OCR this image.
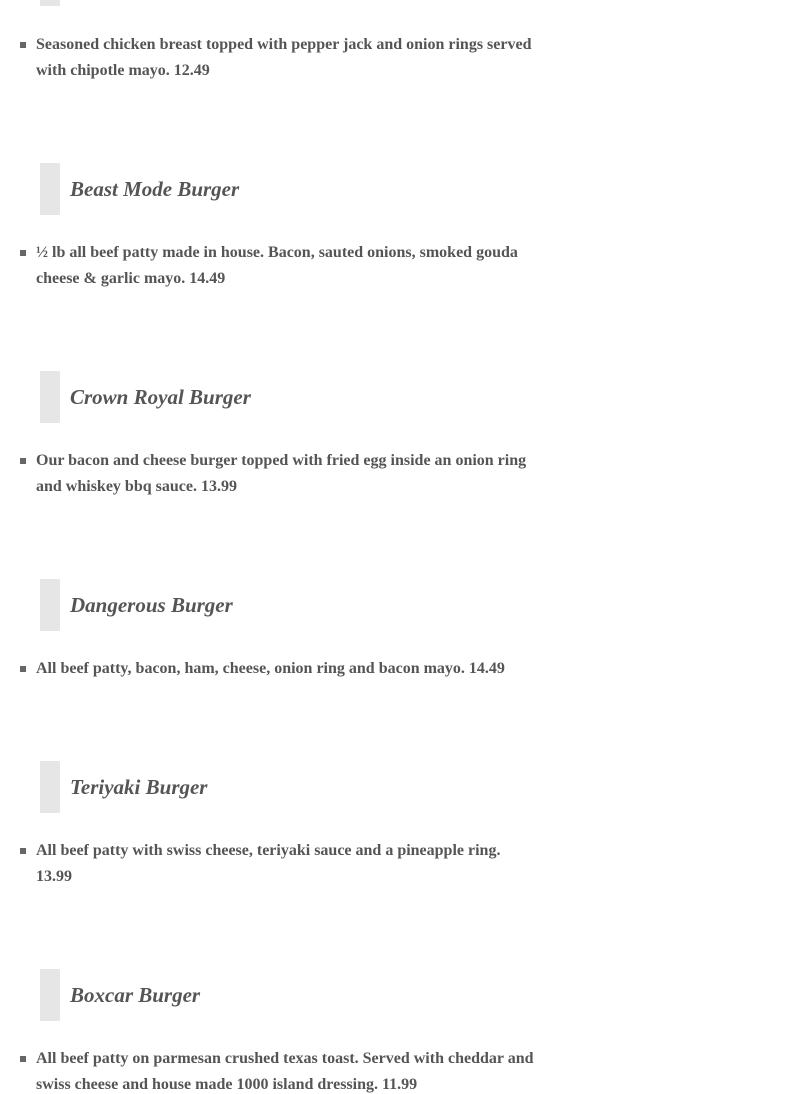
Seasoned chicken breast topped with pepper jack and onion rings served with chipotle mayo. 12.49
Beast Mode Burger
½ lb all beef patty made in house. Bacon, sauted onions, smoked gouda cheese & garlic mayo. 14.49
Crown Royal Burger
Our bacon and cheese burger topped with fried egg inside an onion ring and whiskey bbq sauce. 13.99
Dangerous Burger
All beef patty, bacon, ham, cheese, onion ring and bacon mayo. 14.49
Teriyaki Burger
All beef patty with swiss cheese, teriyaki sauce and a pineapple ring. 13.99
Boxcar Burger
All beef patty on parmesan crushed texas toast. Served with cheddar and swiss cheese and house made 1000 island dressing. 11.99
